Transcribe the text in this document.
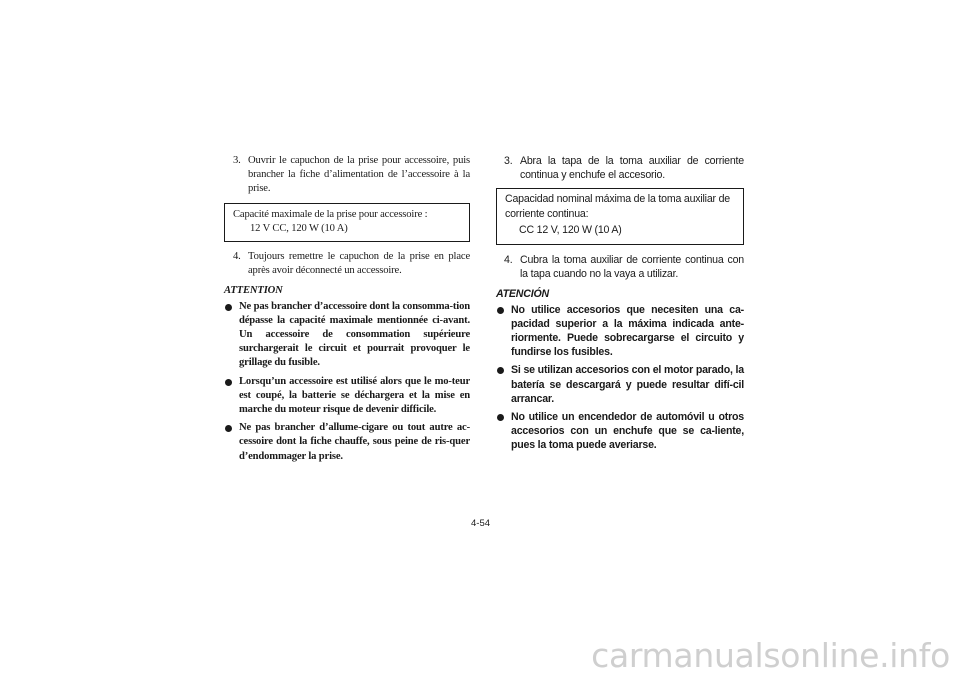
3. Ouvrir le capuchon de la prise pour accessoire, puis brancher la fiche d’alimentation de l’accessoire à la prise.
Capacité maximale de la prise pour accessoire :
12 V CC, 120 W (10 A)
4. Toujours remettre le capuchon de la prise en place après avoir déconnecté un accessoire.
ATTENTION
Ne pas brancher d’accessoire dont la consomma-tion dépasse la capacité maximale mentionnée ci-avant. Un accessoire de consommation supérieure surchargerait le circuit et pourrait provoquer le grillage du fusible.
Lorsqu’un accessoire est utilisé alors que le mo-teur est coupé, la batterie se déchargera et la mise en marche du moteur risque de devenir difficile.
Ne pas brancher d’allume-cigare ou tout autre ac-cessoire dont la fiche chauffe, sous peine de ris-quer d’endommager la prise.
3. Abra la tapa de la toma auxiliar de corriente continua y enchufe el accesorio.
Capacidad nominal máxima de la toma auxiliar de corriente continua:
CC 12 V, 120 W (10 A)
4. Cubra la toma auxiliar de corriente continua con la tapa cuando no la vaya a utilizar.
ATENCIÓN
No utilice accesorios que necesiten una ca-pacidad superior a la máxima indicada ante-riormente. Puede sobrecargarse el circuito y fundirse los fusibles.
Si se utilizan accesorios con el motor parado, la batería se descargará y puede resultar difí-cil arrancar.
No utilice un encendedor de automóvil u otros accesorios con un enchufe que se ca-liente, pues la toma puede averiarse.
4-54
carmanualsonline.info
